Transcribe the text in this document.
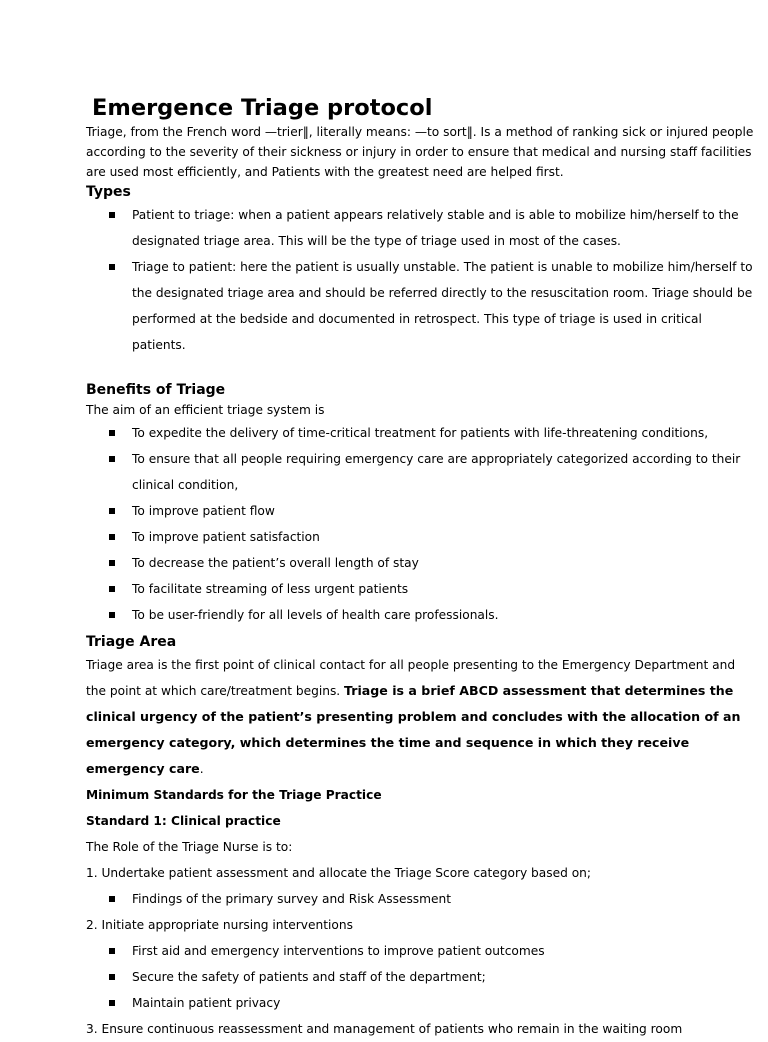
Emergence Triage protocol

Triage, from the French word —trier‖, literally means: —to sort‖. Is a method of ranking sick or injured people according to the severity of their sickness or injury in order to ensure that medical and nursing staff facilities are used most efficiently, and Patients with the greatest need are helped first.

Types
Patient to triage: when a patient appears relatively stable and is able to mobilize him/herself to the designated triage area. This will be the type of triage used in most of the cases.
Triage to patient: here the patient is usually unstable. The patient is unable to mobilize him/herself to the designated triage area and should be referred directly to the resuscitation room. Triage should be performed at the bedside and documented in retrospect. This type of triage is used in critical patients.
Benefits of Triage

The aim of an efficient triage system is

To expedite the delivery of time-critical treatment for patients with life-threatening conditions,
To ensure that all people requiring emergency care are appropriately categorized according to their clinical condition,
To improve patient flow
To improve patient satisfaction
To decrease the patient’s overall length of stay
To facilitate streaming of less urgent patients
To be user-friendly for all levels of health care professionals.
Triage Area

Triage area is the first point of clinical contact for all people presenting to the Emergency Department and the point at which care/treatment begins. Triage is a brief ABCD assessment that determines the clinical urgency of the patient’s presenting problem and concludes with the allocation of an emergency category, which determines the time and sequence in which they receive emergency care.

Minimum Standards for the Triage Practice

Standard 1: Clinical practice

The Role of the Triage Nurse is to:

1. Undertake patient assessment and allocate the Triage Score category based on;

Findings of the primary survey and Risk Assessment

2. Initiate appropriate nursing interventions

First aid and emergency interventions to improve patient outcomes
Secure the safety of patients and staff of the department;
Maintain patient privacy

3. Ensure continuous reassessment and management of patients who remain in the waiting room
